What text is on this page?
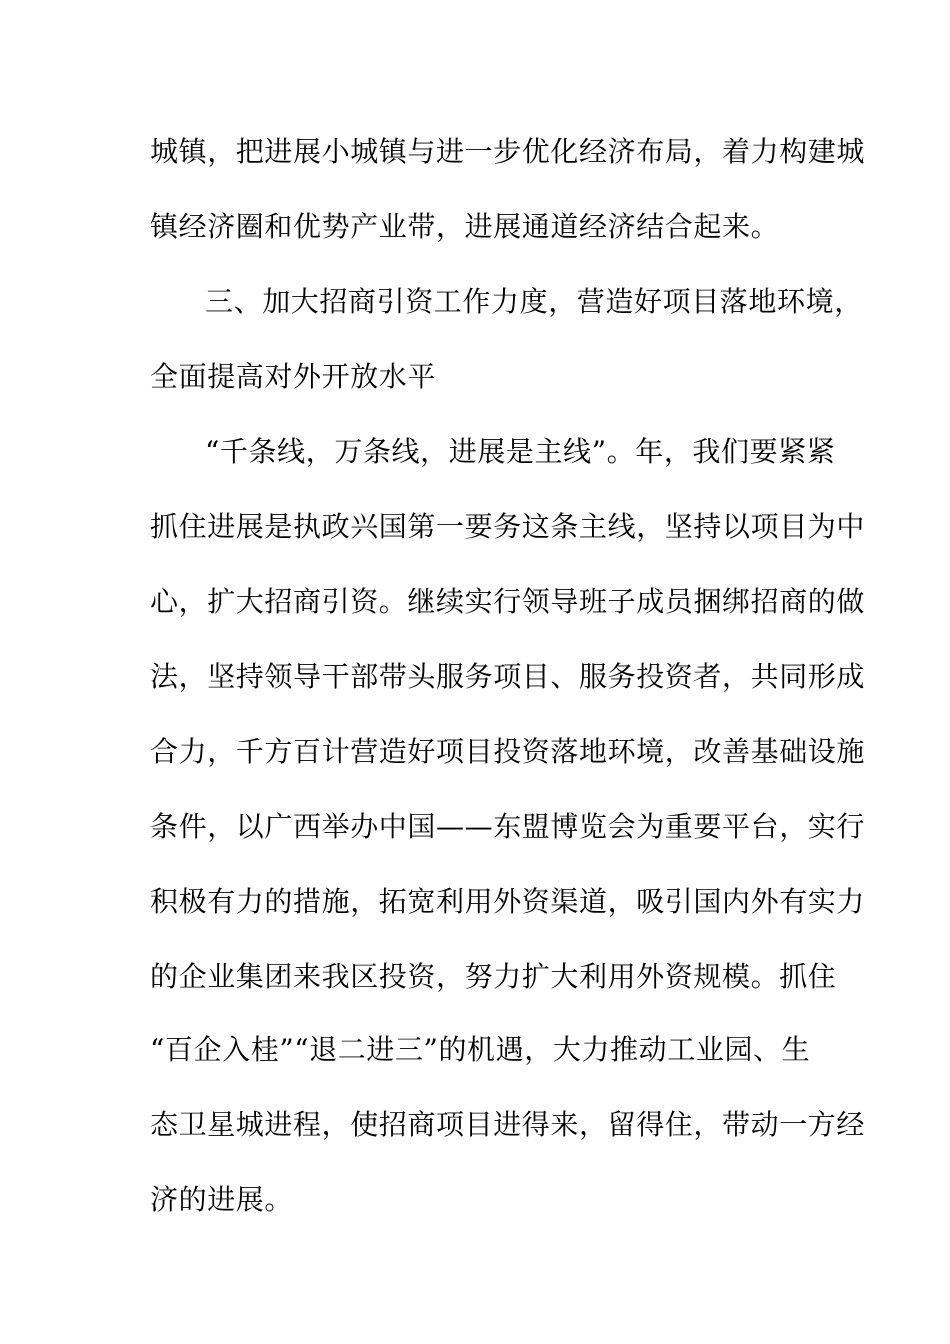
城镇，把进展小城镇与进一步优化经济布局，着力构建城
镇经济圈和优势产业带，进展通道经济结合起来。
三、加大招商引资工作力度，营造好项目落地环境，
全面提高对外开放水平
“千条线，万条线，进展是主线”。年，我们要紧紧
抓住进展是执政兴国第一要务这条主线，坚持以项目为中
心，扩大招商引资。继续实行领导班子成员捆绑招商的做
法，坚持领导干部带头服务项目、服务投资者，共同形成
合力，千方百计营造好项目投资落地环境，改善基础设施
条件，以广西举办中国——东盟博览会为重要平台，实行
积极有力的措施，拓宽利用外资渠道，吸引国内外有实力
的企业集团来我区投资，努力扩大利用外资规模。抓住
“百企入桂”“退二进三”的机遇，大力推动工业园、生
态卫星城进程，使招商项目进得来，留得住，带动一方经
济的进展。
